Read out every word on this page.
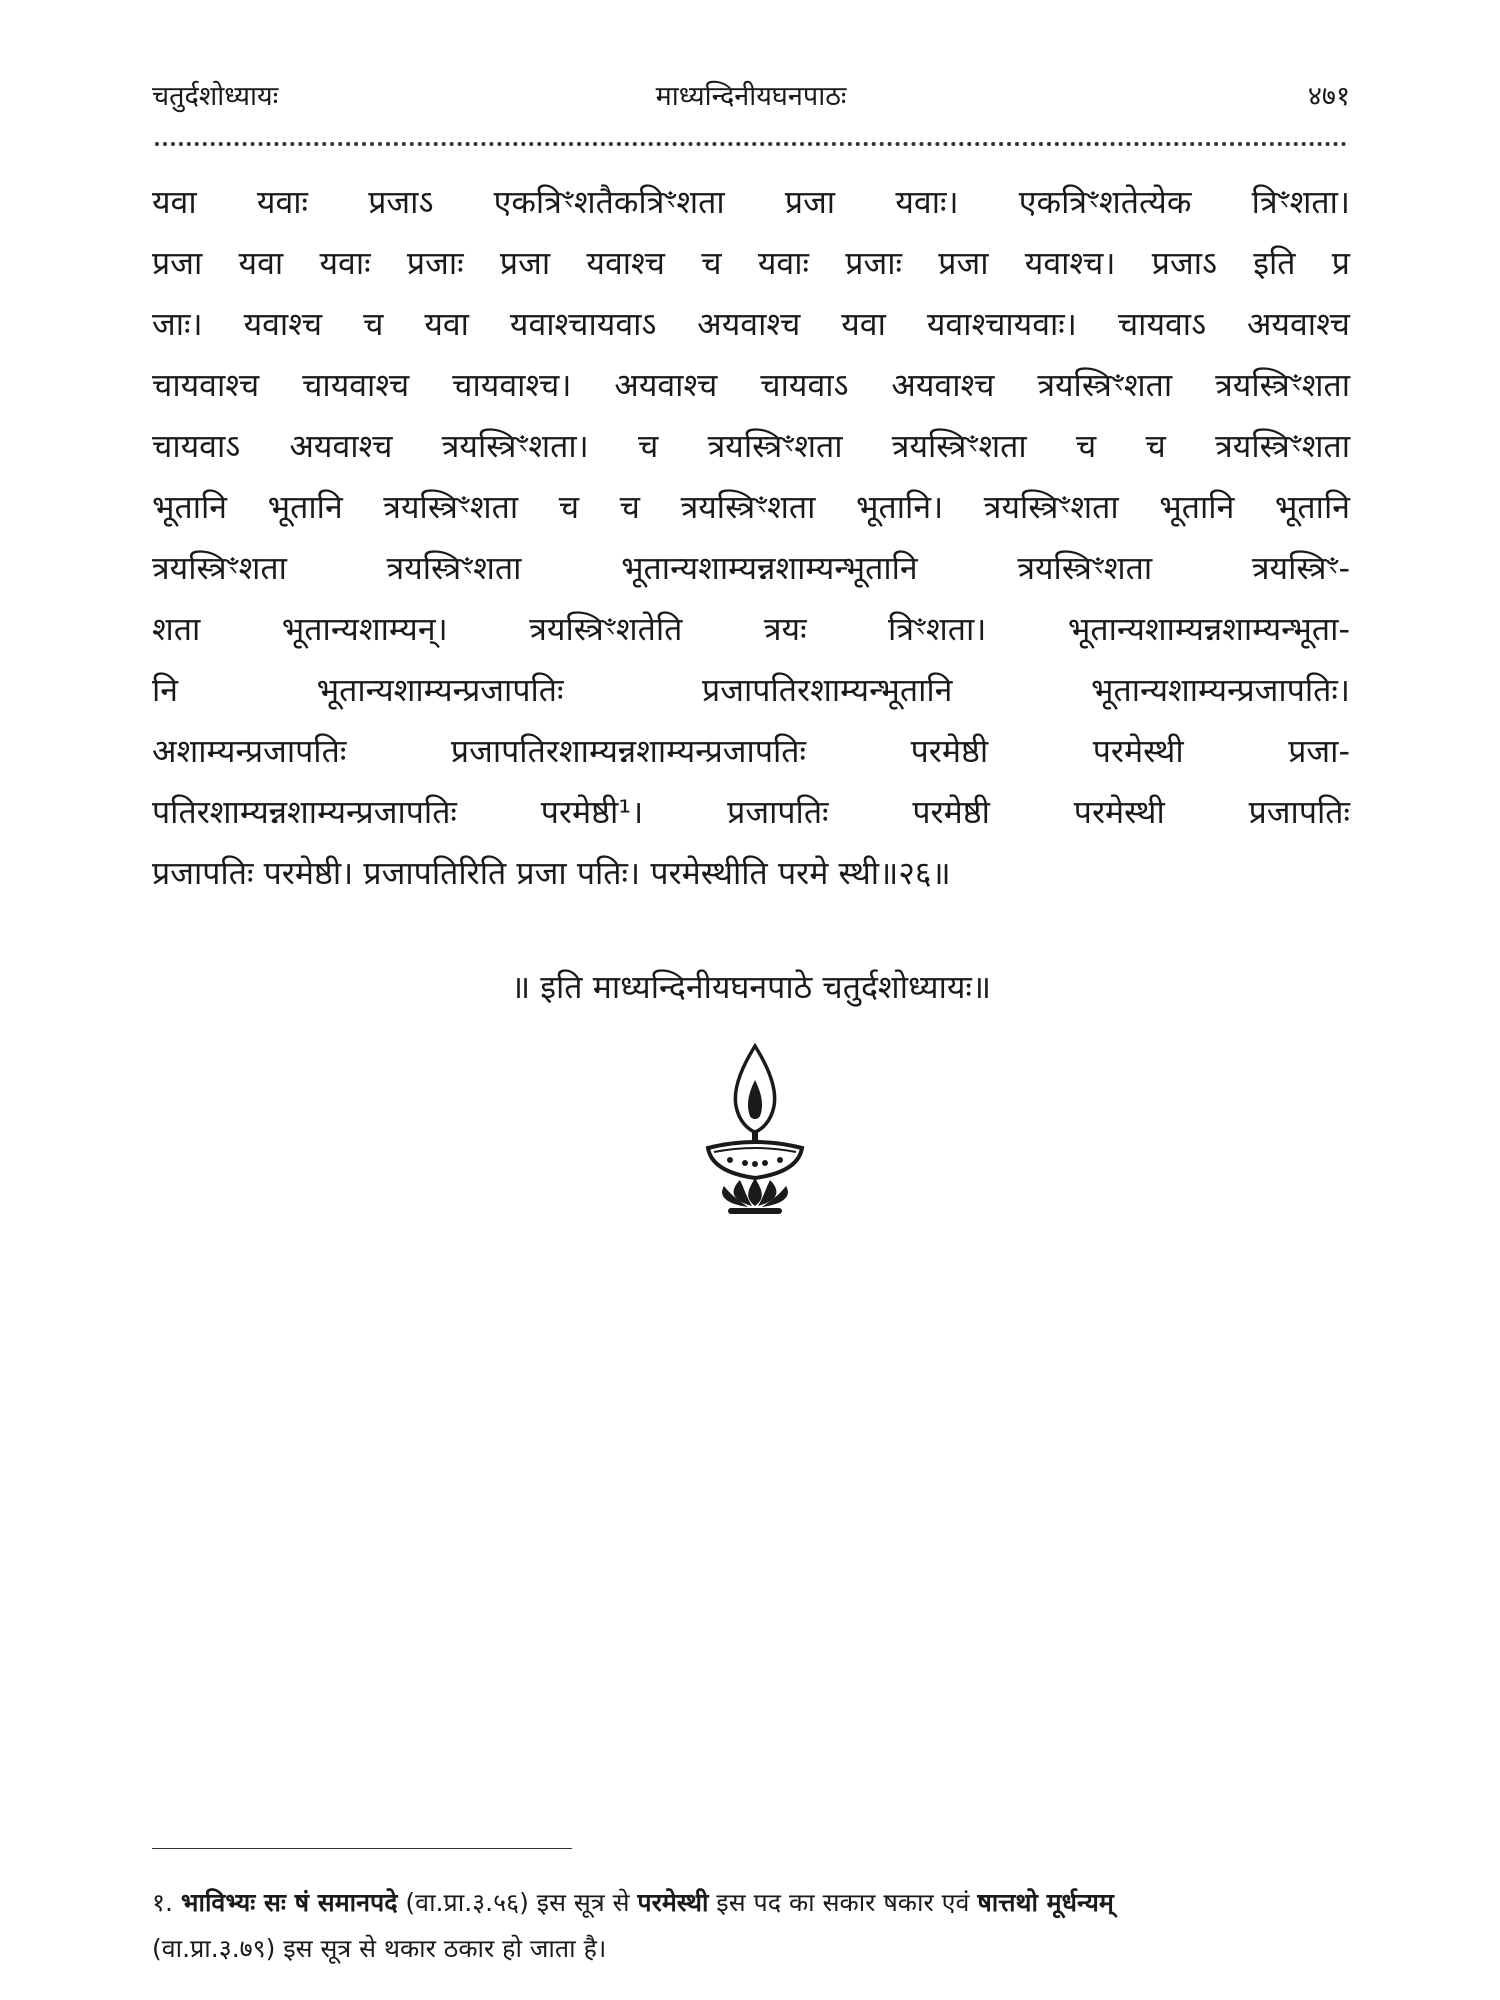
चतुर्दशोध्यायः	माध्यन्दिनीयघनपाठः	४७१

यवा यवाः प्रजाऽ एकत्रिꣳशतैकत्रिꣳशता प्रजा यवाः। एकत्रिꣳशतेत्येक त्रिꣳशता।

प्रजा यवा यवाः प्रजाः प्रजा यवाश्च च यवाः प्रजाः प्रजा यवाश्च। प्रजाऽ इति प्र

जाः। यवाश्च च यवा यवाश्चायवाऽ अयवाश्च यवा यवाश्चायवाः। चायवाऽ अयवाश्च

चायवाश्च चायवाश्च चायवाश्च। अयवाश्च चायवाऽ अयवाश्च त्रयस्त्रिꣳशता त्रयस्त्रिꣳशता

चायवाऽ अयवाश्च त्रयस्त्रिꣳशता। च त्रयस्त्रिꣳशता त्रयस्त्रिꣳशता च च त्रयस्त्रिꣳशता

भूतानि भूतानि त्रयस्त्रिꣳशता च च त्रयस्त्रिꣳशता भूतानि। त्रयस्त्रिꣳशता भूतानि भूतानि

त्रयस्त्रिꣳशता त्रयस्त्रिꣳशता भूतान्यशाम्यन्नशाम्यन्भूतानि त्रयस्त्रिꣳशता त्रयस्त्रिꣳ-

शता भूतान्यशाम्यन्। त्रयस्त्रिꣳशतेति त्रयः त्रिꣳशता। भूतान्यशाम्यन्नशाम्यन्भूता-

नि भूतान्यशाम्यन्प्रजापतिः प्रजापतिरशाम्यन्भूतानि भूतान्यशाम्यन्प्रजापतिः।

अशाम्यन्प्रजापतिः प्रजापतिरशाम्यन्नशाम्यन्प्रजापतिः परमेष्ठी परमेस्थी प्रजा-

पतिरशाम्यन्नशाम्यन्प्रजापतिः परमेष्ठी¹। प्रजापतिः परमेष्ठी परमेस्थी प्रजापतिः

प्रजापतिः परमेष्ठी। प्रजापतिरिति प्रजा पतिः। परमेस्थीति परमे स्थी॥२६॥

॥ इति माध्यन्दिनीयघनपाठे चतुर्दशोध्यायः॥

१. भाविभ्यः सः षं समानपदे (वा.प्रा.३.५६) इस सूत्र से परमेस्थी इस पद का सकार षकार एवं षात्तथो मूर्धन्यम्

(वा.प्रा.३.७९) इस सूत्र से थकार ठकार हो जाता है।
